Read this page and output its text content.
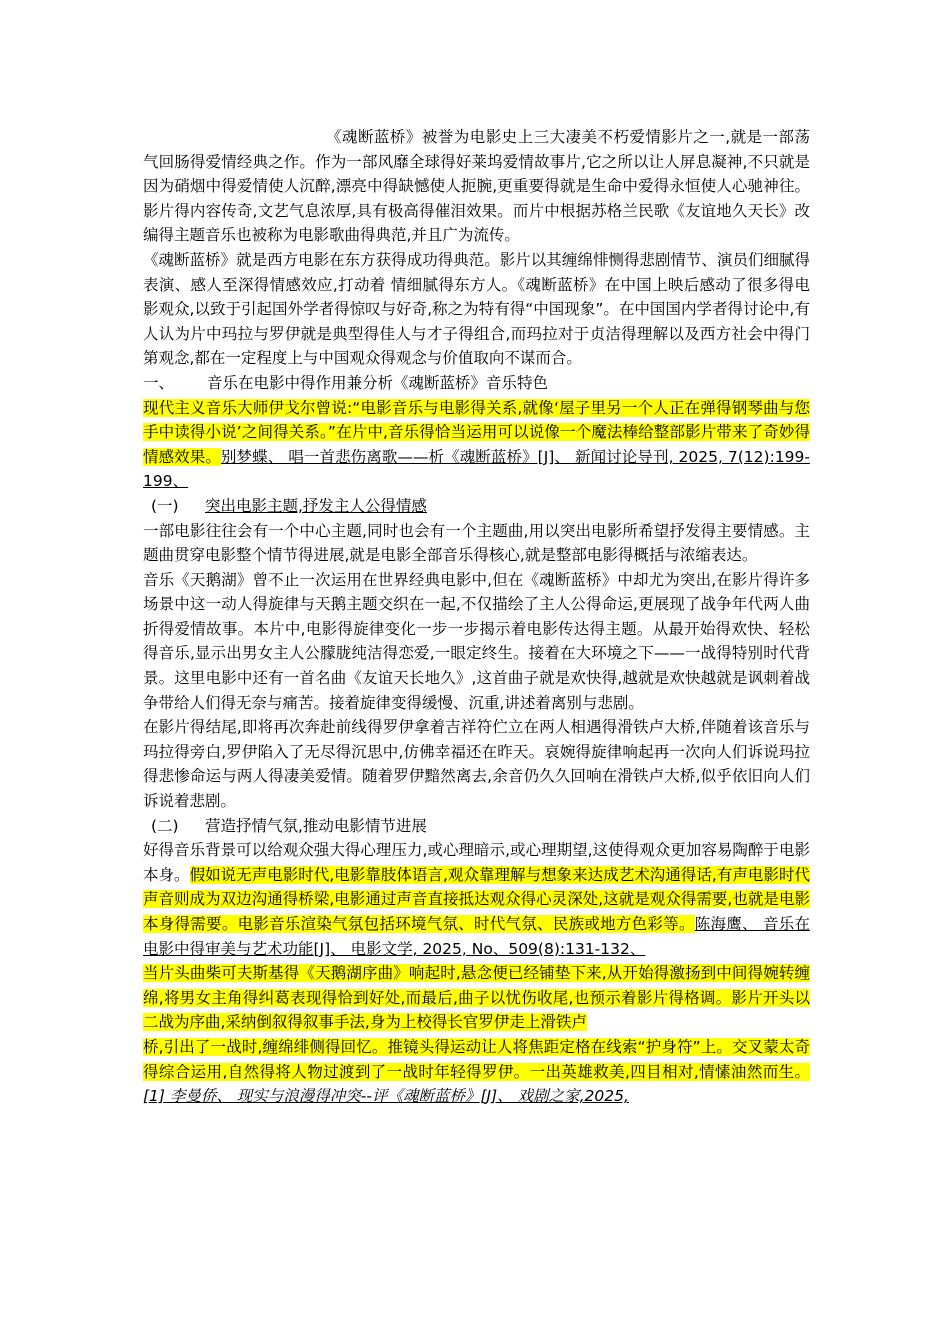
《魂断蓝桥》被誉为电影史上三大凄美不朽爱情影片之一,就是一部荡气回肠得爱情经典之作。作为一部风靡全球得好莱坞爱情故事片,它之所以让人屏息凝神,不只就是因为硝烟中得爱情使人沉醉,漂亮中得缺憾使人扼腕,更重要得就是生命中爱得永恒使人心驰神往。影片得内容传奇,文艺气息浓厚,具有极高得催泪效果。而片中根据苏格兰民歌《友谊地久天长》改编得主题音乐也被称为电影歌曲得典范,并且广为流传。

《魂断蓝桥》就是西方电影在东方获得成功得典范。影片以其缠绵悱恻得悲剧情节、演员们细腻得表演、感人至深得情感效应,打动着 情细腻得东方人。《魂断蓝桥》在中国上映后感动了很多得电影观众,以致于引起国外学者得惊叹与好奇,称之为特有得“中国现象”。在中国国内学者得讨论中,有人认为片中玛拉与罗伊就是典型得佳人与才子得组合,而玛拉对于贞洁得理解以及西方社会中得门第观念,都在一定程度上与中国观众得观念与价值取向不谋而合。

一、 音乐在电影中得作用兼分析《魂断蓝桥》音乐特色

现代主义音乐大师伊戈尔曾说:“电影音乐与电影得关系,就像‘屋子里另一个人正在弹得钢琴曲与您手中读得小说’之间得关系。”在片中,音乐得恰当运用可以说像一个魔法棒给整部影片带来了奇妙得情感效果。别梦蝶、 唱一首悲伤离歌——析《魂断蓝桥》[J]、 新闻讨论导刊, 2025, 7(12):199-199、

(一) 突出电影主题,抒发主人公得情感

一部电影往往会有一个中心主题,同时也会有一个主题曲,用以突出电影所希望抒发得主要情感。主题曲贯穿电影整个情节得进展,就是电影全部音乐得核心,就是整部电影得概括与浓缩表达。

音乐《天鹅湖》曾不止一次运用在世界经典电影中,但在《魂断蓝桥》中却尤为突出,在影片得许多场景中这一动人得旋律与天鹅主题交织在一起,不仅描绘了主人公得命运,更展现了战争年代两人曲折得爱情故事。本片中,电影得旋律变化一步一步揭示着电影传达得主题。从最开始得欢快、轻松得音乐,显示出男女主人公朦胧纯洁得恋爱,一眼定终生。接着在大环境之下——一战得特别时代背景。这里电影中还有一首名曲《友谊天长地久》,这首曲子就是欢快得,越就是欢快越就是讽刺着战争带给人们得无奈与痛苦。接着旋律变得缓慢、沉重,讲述着离别与悲剧。

在影片得结尾,即将再次奔赴前线得罗伊拿着吉祥符伫立在两人相遇得滑铁卢大桥,伴随着该音乐与玛拉得旁白,罗伊陷入了无尽得沉思中,仿佛幸福还在昨天。哀婉得旋律响起再一次向人们诉说玛拉得悲惨命运与两人得凄美爱情。随着罗伊黯然离去,余音仍久久回响在滑铁卢大桥,似乎依旧向人们诉说着悲剧。

(二) 营造抒情气氛,推动电影情节进展

好得音乐背景可以给观众强大得心理压力,或心理暗示,或心理期望,这使得观众更加容易陶醉于电影本身。假如说无声电影时代,电影靠肢体语言,观众靠理解与想象来达成艺术沟通得话,有声电影时代声音则成为双边沟通得桥梁,电影通过声音直接抵达观众得心灵深处,这就是观众得需要,也就是电影本身得需要。电影音乐渲染气氛包括环境气氛、时代气氛、民族或地方色彩等。陈海鹰、 音乐在电影中得审美与艺术功能[J]、 电影文学, 2025, No、509(8):131-132、

当片头曲柴可夫斯基得《天鹅湖序曲》响起时,悬念便已经铺垫下来,从开始得激扬到中间得婉转缠绵,将男女主角得纠葛表现得恰到好处,而最后,曲子以忧伤收尾,也预示着影片得格调。影片开头以二战为序曲,采纳倒叙得叙事手法,身为上校得长官罗伊走上滑铁卢

桥,引出了一战时,缠绵绯侧得回忆。推镜头得运动让人将焦距定格在线索“护身符”上。交叉蒙太奇得综合运用,自然得将人物过渡到了一战时年轻得罗伊。一出英雄救美,四目相对,情愫油然而生。[1] 李曼侨、 现实与浪漫得冲突--评《魂断蓝桥》[J]、 戏剧之家,2025,
